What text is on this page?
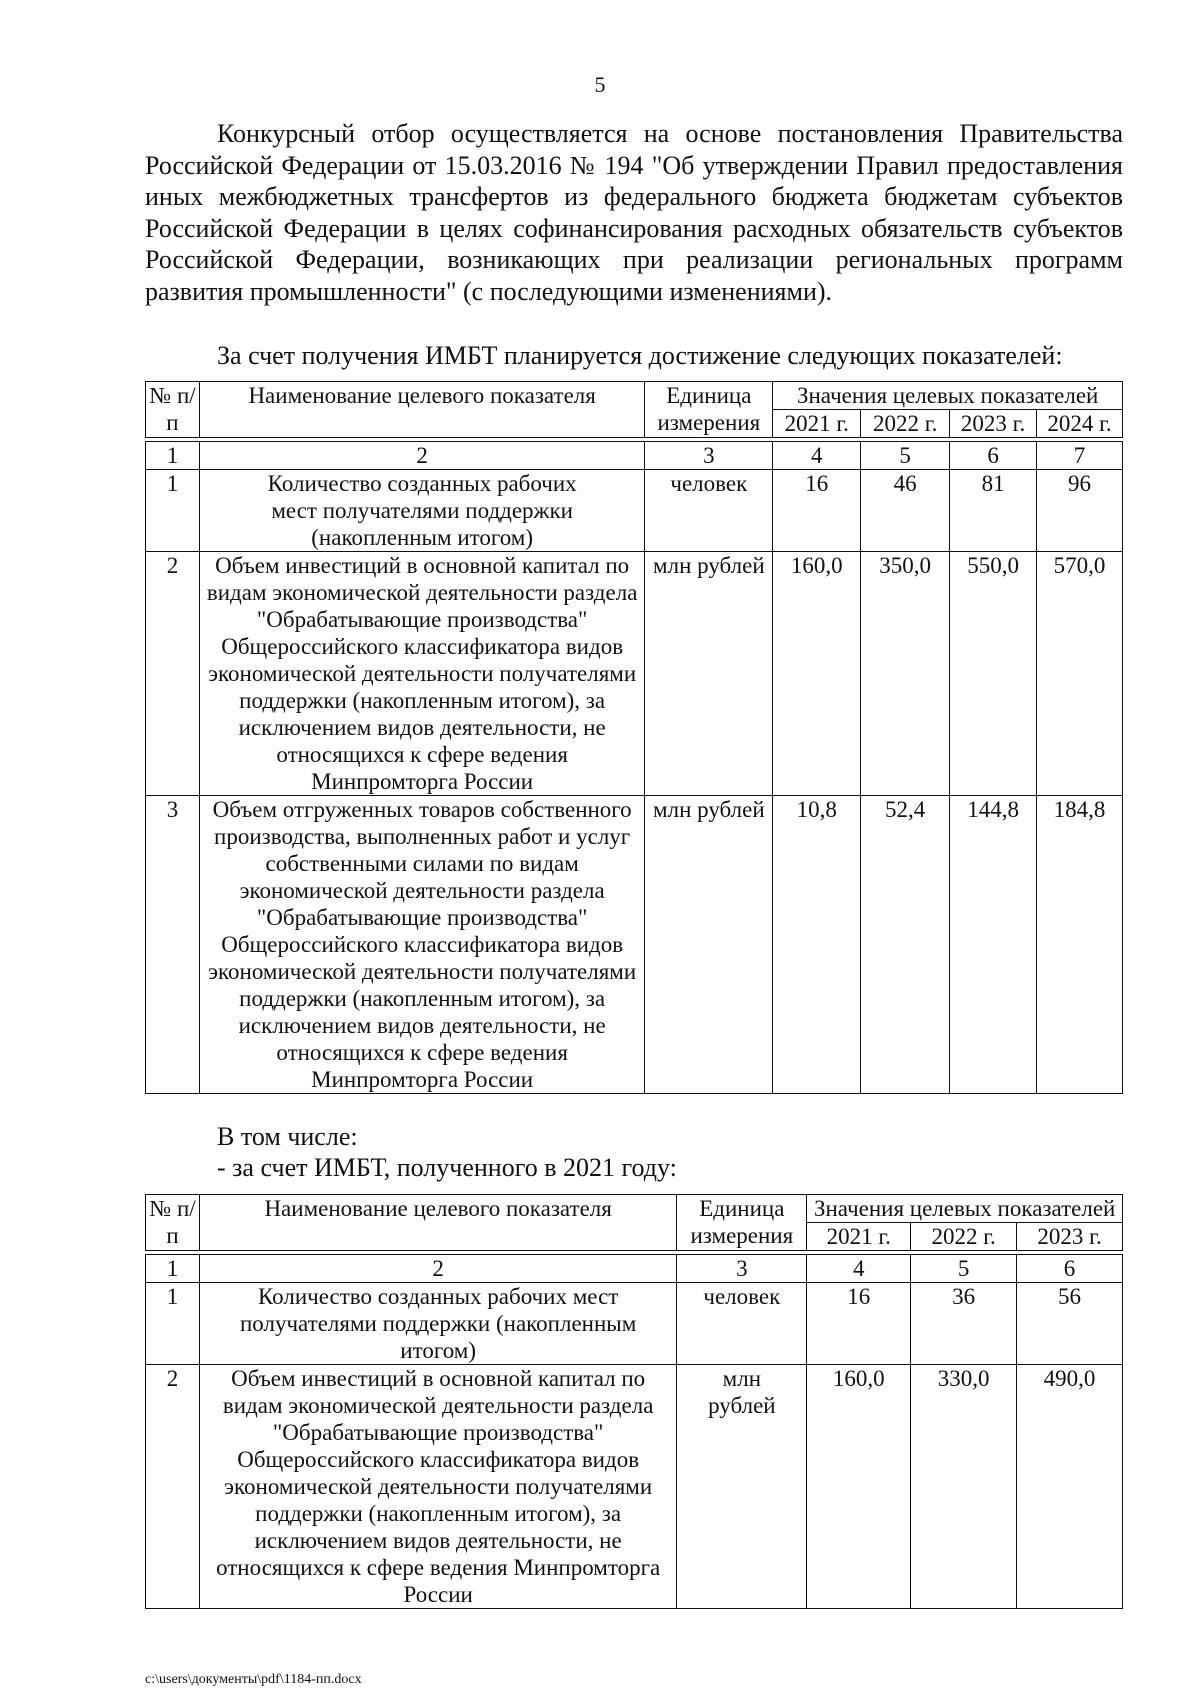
5

Конкурсный отбор осуществляется на основе постановления Правительства Российской Федерации от 15.03.2016 № 194 "Об утверждении Правил предоставления иных межбюджетных трансфертов из федерального бюджета бюджетам субъектов Российской Федерации в целях софинансирования расходных обязательств субъектов Российской Федерации, возникающих при реализации региональных программ развития промышленности" (с последующими изменениями).

За счет получения ИМБТ планируется достижение следующих показателей:

№ п/п	Наименование целевого показателя	Единица измерения	Значения целевых показателей			
			2021 г.	2022 г.	2023 г.	2024 г.

1	2	3	4	5	6	7
1	Количество созданных рабочих мест получателями поддержки (накопленным итогом)	человек	16	46	81	96
2	Объем инвестиций в основной капитал по видам экономической деятельности раздела "Обрабатывающие производства" Общероссийского классификатора видов экономической деятельности получателями поддержки (накопленным итогом), за исключением видов деятельности, не относящихся к сфере ведения Минпромторга России	млн рублей	160,0	350,0	550,0	570,0
3	Объем отгруженных товаров собственного производства, выполненных работ и услуг собственными силами по видам экономической деятельности раздела "Обрабатывающие производства" Общероссийского классификатора видов экономической деятельности получателями поддержки (накопленным итогом), за исключением видов деятельности, не относящихся к сфере ведения Минпромторга России	млн рублей	10,8	52,4	144,8	184,8

В том числе:

- за счет ИМБТ, полученного в 2021 году:

№ п/п	Наименование целевого показателя	Единица измерения	Значения целевых показателей		
			2021 г.	2022 г.	2023 г.

1	2	3	4	5	6
1	Количество созданных рабочих мест получателями поддержки (накопленным итогом)	человек	16	36	56
2	Объем инвестиций в основной капитал по видам экономической деятельности раздела "Обрабатывающие производства" Общероссийского классификатора видов экономической деятельности получателями поддержки (накопленным итогом), за исключением видов деятельности, не относящихся к сфере ведения Минпромторга России	млн рублей	160,0	330,0	490,0
c:\users\документы\pdf\1184-пп.docx
